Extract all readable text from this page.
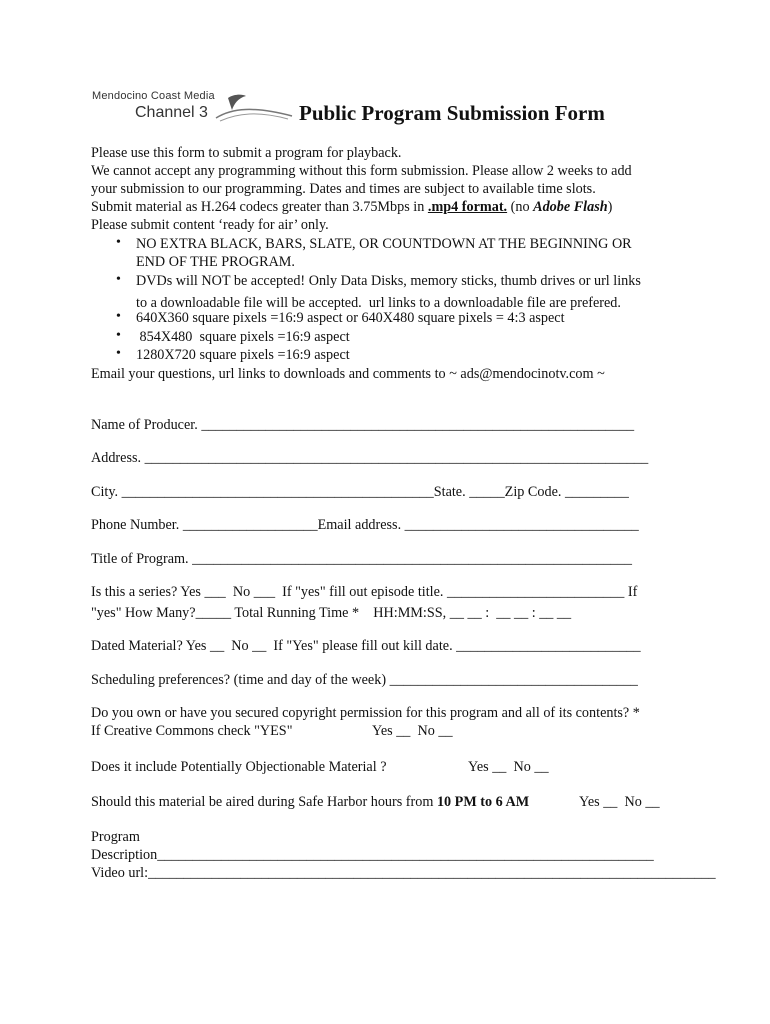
Mendocino Coast Media
Channel 3	Public Program Submission Form
Please use this form to submit a program for playback.
We cannot accept any programming without this form submission. Please allow 2 weeks to add
your submission to our programming. Dates and times are subject to available time slots.
Submit material as H.264 codecs greater than 3.75Mbps in .mp4 format. (no Adobe Flash)
Please submit content ‘ready for air’ only.
• NO EXTRA BLACK, BARS, SLATE, OR COUNTDOWN AT THE BEGINNING OR
END OF THE PROGRAM.
• DVDs will NOT be accepted! Only Data Disks, memory sticks, thumb drives or url links
to a downloadable file will be accepted.  url links to a downloadable file are prefered.
• 640X360 square pixels =16:9 aspect or 640X480 square pixels = 4:3 aspect
• 854X480  square pixels =16:9 aspect
• 1280X720 square pixels =16:9 aspect
Email your questions, url links to downloads and comments to ~ ads@mendocinotv.com ~
Name of Producer. _____________________________________________________________
Address. _______________________________________________________________________
City. ____________________________________________State. _____Zip Code. _________
Phone Number. ___________________Email address. _________________________________
Title of Program. ______________________________________________________________
Is this a series? Yes ___  No ___  If "yes" fill out episode title. _________________________ If
"yes" How Many?_____ Total Running Time *    HH:MM:SS, __ __ :  __ __ : __ __
Dated Material? Yes __  No __  If "Yes" please fill out kill date. __________________________
Scheduling preferences? (time and day of the week) ___________________________________
Do you own or have you secured copyright permission for this program and all of its contents? *
If Creative Commons check "YES"	Yes __  No __
Does it include Potentially Objectionable Material ?	Yes __  No __
Should this material be aired during Safe Harbor hours from 10 PM to 6 AM	Yes __  No __
Program
Description______________________________________________________________________
Video url:________________________________________________________________________________
